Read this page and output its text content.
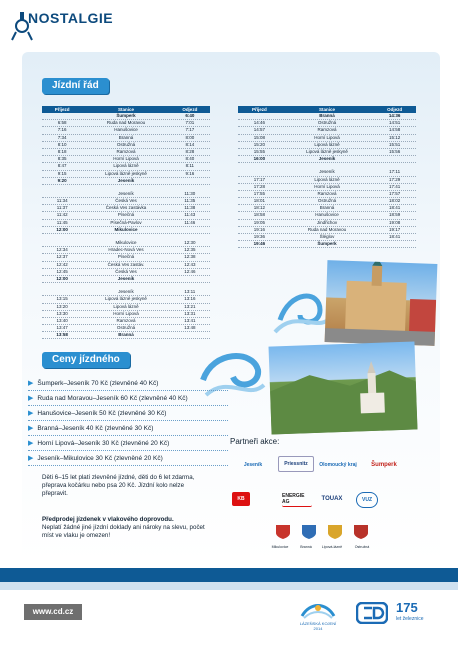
NOSTALGIE
Jízdní řád
Příjezd	Stanice	Odjezd
Šumperk	6:40
6:58	Ruda nad Moravou	7:01
7:16	Hanušovice	7:17
7:34	Branná	8:00
8:10	Ostružná	8:14
8:18	Ramzová	8:28
8:35	Horní Lipová	8:40
8:47	Lipová lázně	8:11
9:15	Lipová lázně jeskyně	9:16
9:20	Jeseník
Jeseník	11:30
11:34	Česká Ves	11:35
11:37	Česká Ves zastávka	11:38
11:42	Písečná	11:43
11:45	Písečná-Pavlov	11:46
12:00	Mikulovice
Mikulovice	12:30
12:34	Hradec-Nová Ves	12:35
12:37	Písečná	12:38
12:42	Česká Ves zastáv.	12:43
12:45	Česká Ves	12:46
12:00	Jeseník
Jeseník	13:11
13:15	Lipová lázně jeskyně	13:16
13:20	Lipová lázně	13:21
13:30	Horní Lipová	13:31
13:40	Ramzová	13:41
13:47	Ostružná	13:48
13:58	Branná
Příjezd	Stanice	Odjezd
Branná	14:36
14:46	Ostružná	14:51
14:57	Ramzová	14:58
15:08	Horní Lipová	15:12
15:20	Lipová lázně	15:51
15:55	Lipová lázně jeskyně	15:56
16:00	Jeseník
Jeseník	17:11
17:17	Lipová lázně	17:29
17:28	Horní Lipová	17:41
17:55	Ramzová	17:57
18:01	Ostružná	18:02
18:12	Branná	18:41
18:58	Hanušovice	18:59
19:05	Jindřichov	19:08
19:16	Ruda nad Moravou	19:17
19:36	Šléglov	18:41
19:46	Šumperk
Ceny jízdného
▶ Šumperk–Jeseník 70 Kč (zlevněné 40 Kč)
▶ Ruda nad Moravou–Jeseník 60 Kč (zlevněné 40 Kč)
▶ Hanušovice–Jeseník 50 Kč (zlevněné 30 Kč)
▶ Branná–Jeseník 40 Kč (zlevněné 30 Kč)
▶ Horní Lipová–Jeseník 30 Kč (zlevněné 20 Kč)
▶ Jeseník–Mikulovice 30 Kč (zlevněné 20 Kč)
Děti 6–15 let platí zlevněné jízdné, děti do 6 let zdarma, přeprava kočárku nebo psa 20 Kč. Jízdní kolo nelze přepravit.
Předprodej jízdenek v vlakového doprovodu.
Neplatí žádné jiné jízdní doklady ani nároky na slevu, počet míst ve vlaku je omezen!
Partneři akce:
Jeseník	Priessnitz	Olomoucký kraj	Šumperk
KB	ENERGIE AG	TOUAX	VUZ
Mikulovice	Branná	Lipová-lázně	Ostružná
www.cd.cz
LÁZEŇSKÁ KOJENÍ 2014
175
let železnice
